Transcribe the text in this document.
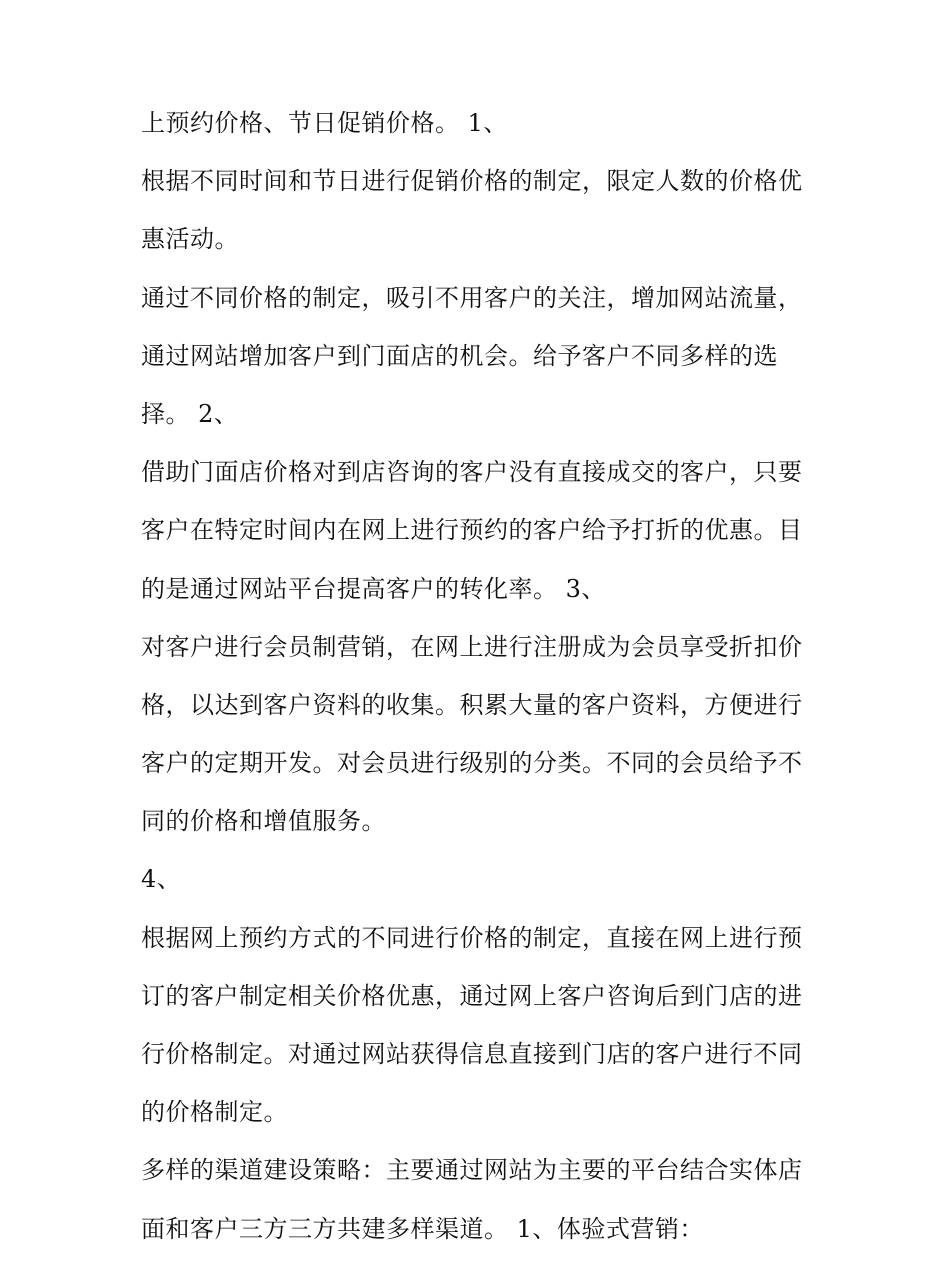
上预约价格、节日促销价格。 1、
根据不同时间和节日进行促销价格的制定，限定人数的价格优
惠活动。
通过不同价格的制定，吸引不用客户的关注，增加网站流量，
通过网站增加客户到门面店的机会。给予客户不同多样的选
择。 2、
借助门面店价格对到店咨询的客户没有直接成交的客户，只要
客户在特定时间内在网上进行预约的客户给予打折的优惠。目
的是通过网站平台提高客户的转化率。 3、
对客户进行会员制营销，在网上进行注册成为会员享受折扣价
格，以达到客户资料的收集。积累大量的客户资料，方便进行
客户的定期开发。对会员进行级别的分类。不同的会员给予不
同的价格和增值服务。
4、
根据网上预约方式的不同进行价格的制定，直接在网上进行预
订的客户制定相关价格优惠，通过网上客户咨询后到门店的进
行价格制定。对通过网站获得信息直接到门店的客户进行不同
的价格制定。
多样的渠道建设策略：主要通过网站为主要的平台结合实体店
面和客户三方三方共建多样渠道。 1、体验式营销：
